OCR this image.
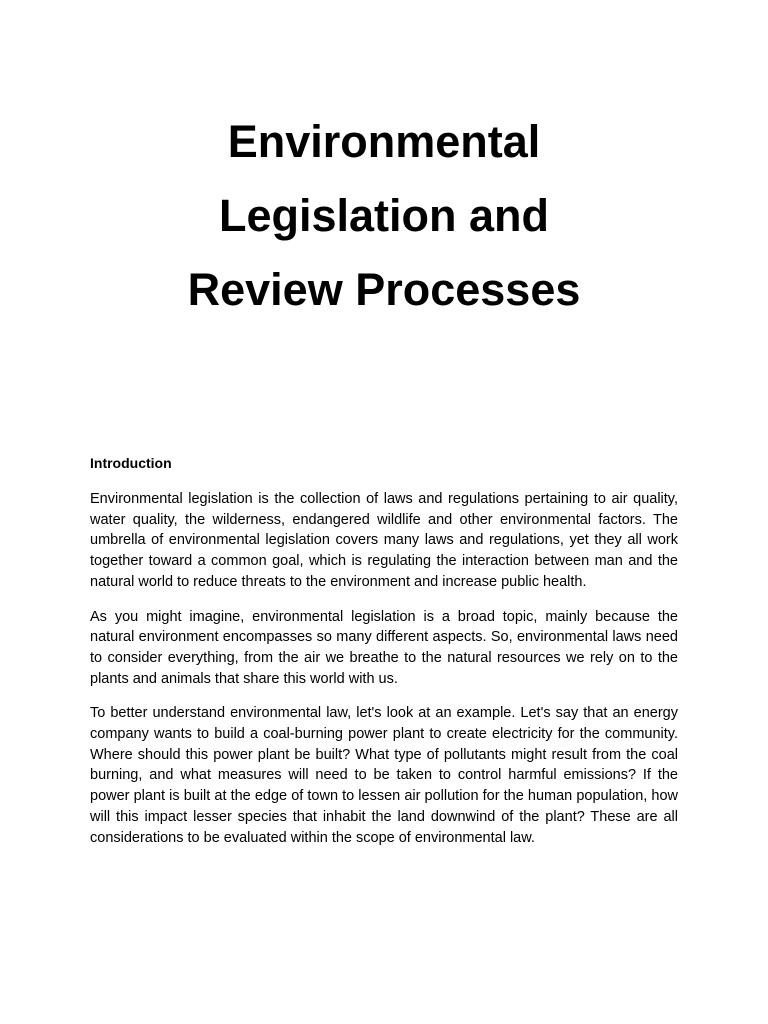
Environmental
Legislation and
Review Processes
Introduction

Environmental legislation is the collection of laws and regulations pertaining to air quality, water quality, the wilderness, endangered wildlife and other environmental factors. The umbrella of environmental legislation covers many laws and regulations, yet they all work together toward a common goal, which is regulating the interaction between man and the natural world to reduce threats to the environment and increase public health.

As you might imagine, environmental legislation is a broad topic, mainly because the natural environment encompasses so many different aspects. So, environmental laws need to consider everything, from the air we breathe to the natural resources we rely on to the plants and animals that share this world with us.

To better understand environmental law, let's look at an example. Let's say that an energy company wants to build a coal-burning power plant to create electricity for the community. Where should this power plant be built? What type of pollutants might result from the coal burning, and what measures will need to be taken to control harmful emissions? If the power plant is built at the edge of town to lessen air pollution for the human population, how will this impact lesser species that inhabit the land downwind of the plant? These are all considerations to be evaluated within the scope of environmental law.
